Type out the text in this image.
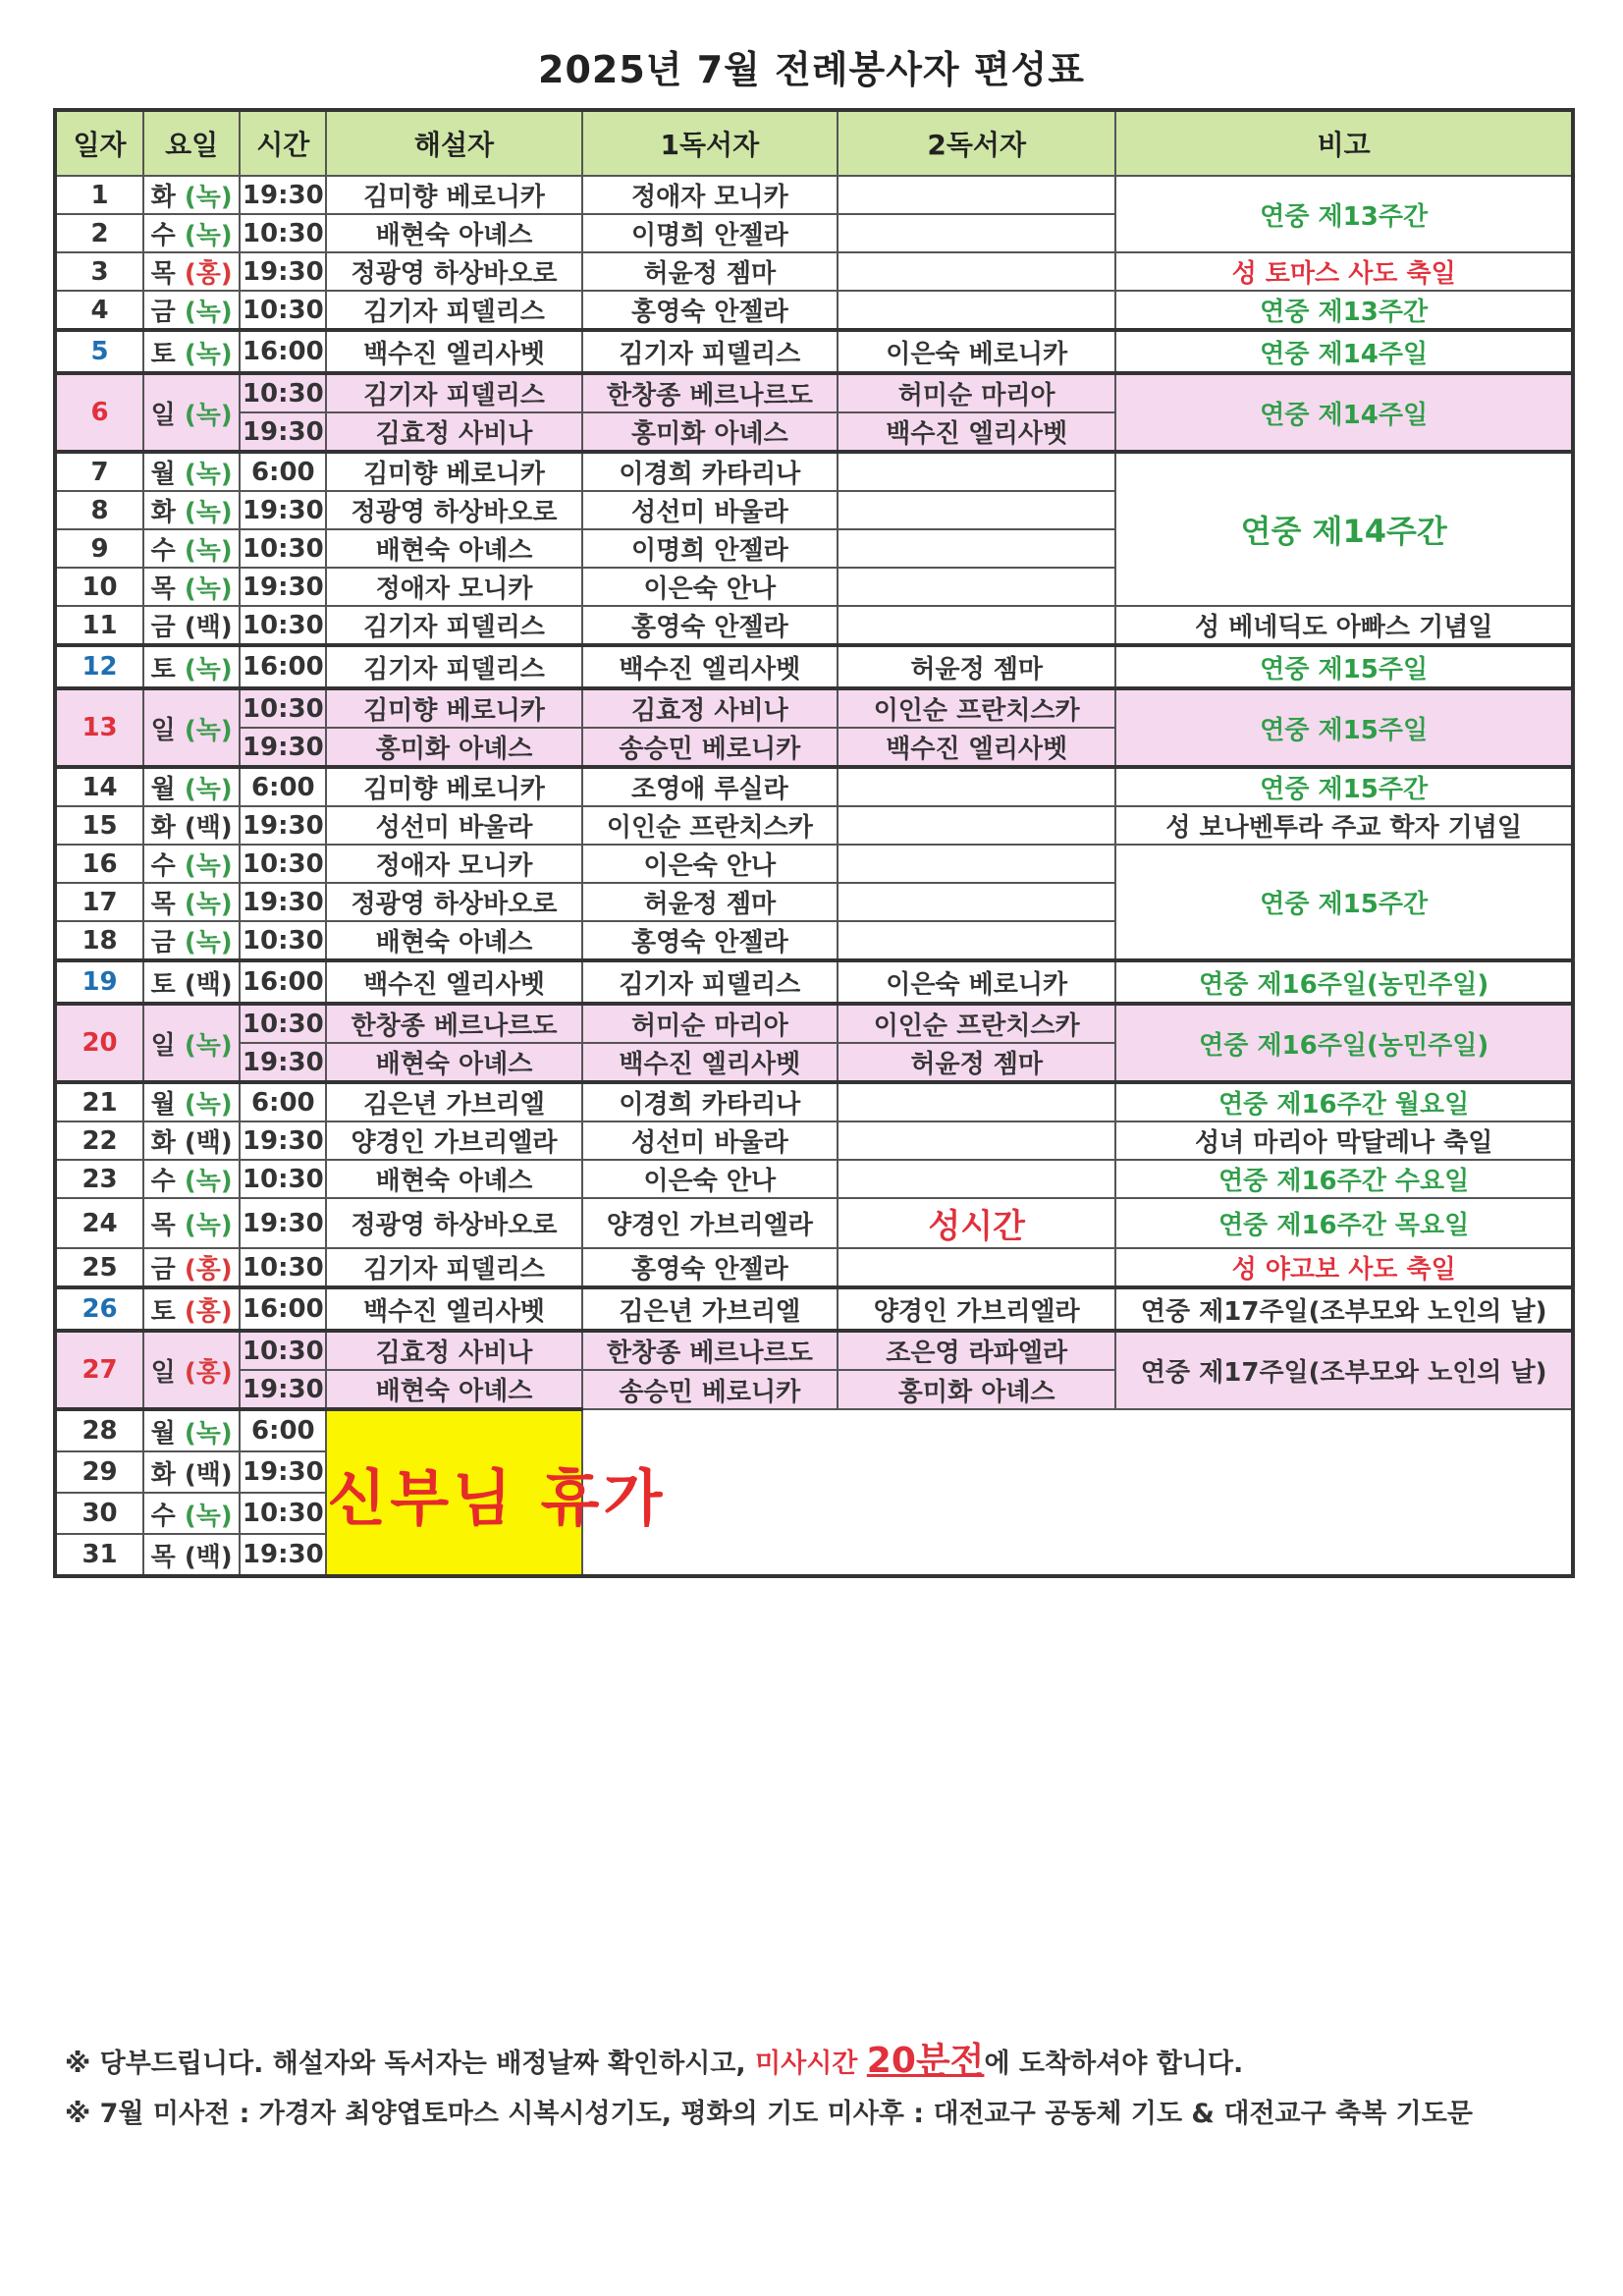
2025년 7월 전례봉사자 편성표
일자	요일	시간	해설자	1독서자	2독서자	비고
1	화 (녹)	19:30	김미향 베로니카	정애자 모니카		연중 제13주간
2	수 (녹)	10:30	배현숙 아녜스	이명희 안젤라		
3	목 (홍)	19:30	정광영 하상바오로	허윤정 젬마		성 토마스 사도 축일
4	금 (녹)	10:30	김기자 피델리스	홍영숙 안젤라		연중 제13주간
5	토 (녹)	16:00	백수진 엘리사벳	김기자 피델리스	이은숙 베로니카	연중 제14주일
6	일 (녹)	10:30	김기자 피델리스	한창종 베르나르도	허미순 마리아	연중 제14주일
		19:30	김효정 사비나	홍미화 아녜스	백수진 엘리사벳	
7	월 (녹)	6:00	김미향 베로니카	이경희 카타리나		연중 제14주간
8	화 (녹)	19:30	정광영 하상바오로	성선미 바울라		
9	수 (녹)	10:30	배현숙 아녜스	이명희 안젤라		
10	목 (녹)	19:30	정애자 모니카	이은숙 안나		
11	금 (백)	10:30	김기자 피델리스	홍영숙 안젤라		성 베네딕도 아빠스 기념일
12	토 (녹)	16:00	김기자 피델리스	백수진 엘리사벳	허윤정 젬마	연중 제15주일
13	일 (녹)	10:30	김미향 베로니카	김효정 사비나	이인순 프란치스카	연중 제15주일
		19:30	홍미화 아녜스	송승민 베로니카	백수진 엘리사벳	
14	월 (녹)	6:00	김미향 베로니카	조영애 루실라		연중 제15주간
15	화 (백)	19:30	성선미 바울라	이인순 프란치스카		성 보나벤투라 주교 학자 기념일
16	수 (녹)	10:30	정애자 모니카	이은숙 안나		연중 제15주간
17	목 (녹)	19:30	정광영 하상바오로	허윤정 젬마		
18	금 (녹)	10:30	배현숙 아녜스	홍영숙 안젤라		
19	토 (백)	16:00	백수진 엘리사벳	김기자 피델리스	이은숙 베로니카	연중 제16주일(농민주일)
20	일 (녹)	10:30	한창종 베르나르도	허미순 마리아	이인순 프란치스카	연중 제16주일(농민주일)
		19:30	배현숙 아녜스	백수진 엘리사벳	허윤정 젬마	
21	월 (녹)	6:00	김은년 가브리엘	이경희 카타리나		연중 제16주간 월요일
22	화 (백)	19:30	양경인 가브리엘라	성선미 바울라		성녀 마리아 막달레나 축일
23	수 (녹)	10:30	배현숙 아녜스	이은숙 안나		연중 제16주간 수요일
24	목 (녹)	19:30	정광영 하상바오로	양경인 가브리엘라	성시간	연중 제16주간 목요일
25	금 (홍)	10:30	김기자 피델리스	홍영숙 안젤라		성 야고보 사도 축일
26	토 (홍)	16:00	백수진 엘리사벳	김은년 가브리엘	양경인 가브리엘라	연중 제17주일(조부모와 노인의 날)
27	일 (홍)	10:30	김효정 사비나	한창종 베르나르도	조은영 라파엘라	연중 제17주일(조부모와 노인의 날)
		19:30	배현숙 아녜스	송승민 베로니카	홍미화 아녜스	
28	월 (녹)	6:00	신부님 휴가			
29	화 (백)	19:30				
30	수 (녹)	10:30				
31	목 (백)	19:30				
※ 당부드립니다. 해설자와 독서자는 배정날짜 확인하시고, 미사시간 20분전에 도착하셔야 합니다.
※ 7월 미사전 : 가경자 최양엽토마스 시복시성기도, 평화의 기도 미사후 : 대전교구 공동체 기도 & 대전교구 축복 기도문
